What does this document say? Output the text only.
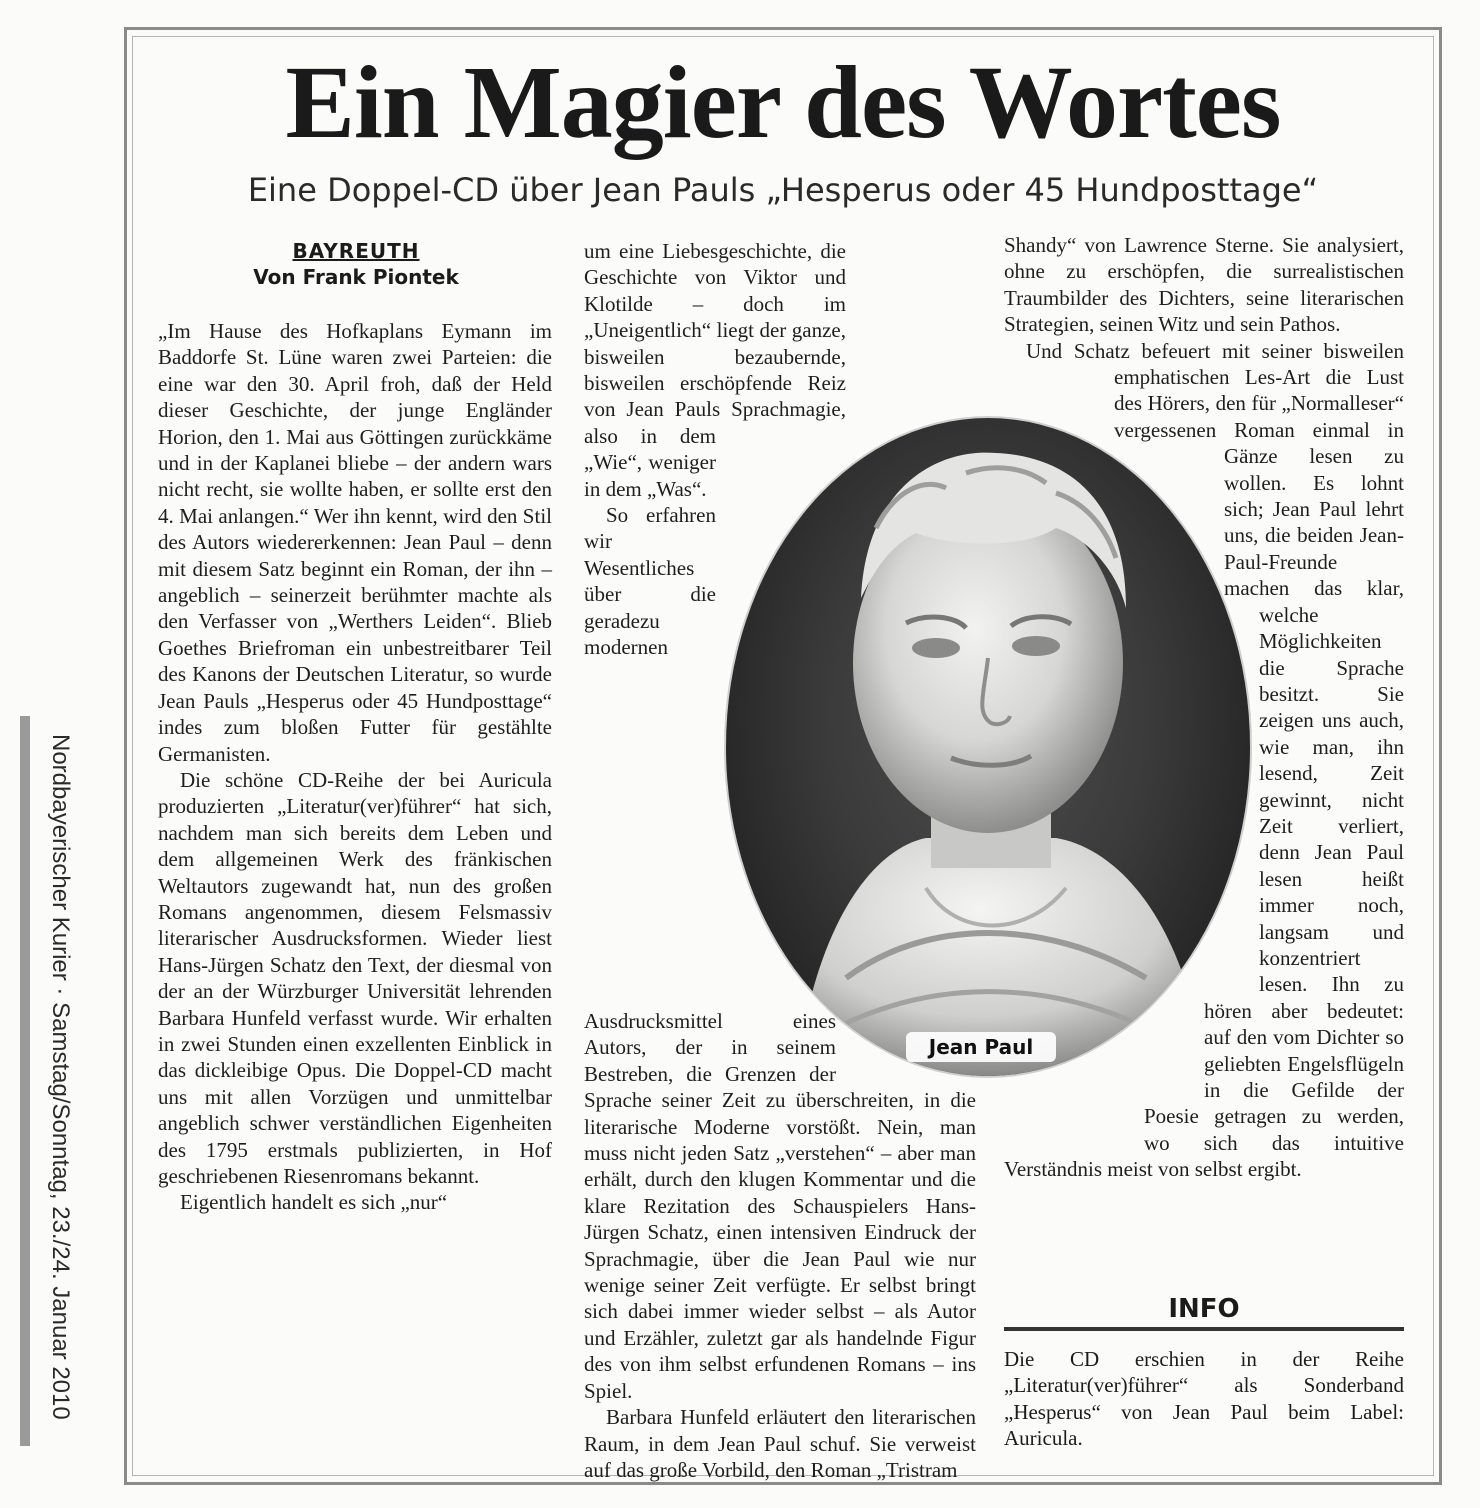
Nordbayerischer Kurier · Samstag/Sonntag, 23./24. Januar 2010
Ein Magier des Wortes
Eine Doppel-CD über Jean Pauls „Hesperus oder 45 Hundposttage“
BAYREUTH
Von Frank Piontek

„Im Hause des Hofkaplans Eymann im Baddorfe St. Lüne waren zwei Parteien: die eine war den 30. April froh, daß der Held dieser Geschichte, der junge Engländer Horion, den 1. Mai aus Göttingen zurückkäme und in der Kaplanei bliebe – der andern wars nicht recht, sie wollte haben, er sollte erst den 4. Mai anlangen.“ Wer ihn kennt, wird den Stil des Autors wiedererkennen: Jean Paul – denn mit diesem Satz beginnt ein Roman, der ihn – angeblich – seinerzeit berühmter machte als den Verfasser von „Werthers Leiden“. Blieb Goethes Briefroman ein unbestreitbarer Teil des Kanons der Deutschen Literatur, so wurde Jean Pauls „Hesperus oder 45 Hundposttage“ indes zum bloßen Futter für gestählte Germanisten.

Die schöne CD-Reihe der bei Auricula produzierten „Literatur(ver)führer“ hat sich, nachdem man sich bereits dem Leben und dem allgemeinen Werk des fränkischen Weltautors zugewandt hat, nun des großen Romans angenommen, diesem Felsmassiv literarischer Ausdrucksformen. Wieder liest Hans-Jürgen Schatz den Text, der diesmal von der an der Würzburger Universität lehrenden Barbara Hunfeld verfasst wurde. Wir erhalten in zwei Stunden einen exzellenten Einblick in das dickleibige Opus. Die Doppel-CD macht uns mit allen Vorzügen und unmittelbar angeblich schwer verständlichen Eigenheiten des 1795 erstmals publizierten, in Hof geschriebenen Riesenromans bekannt.

Eigentlich handelt es sich „nur“

um eine Liebesgeschichte, die Geschichte von Viktor und Klotilde – doch im „Uneigentlich“ liegt der ganze, bisweilen bezaubernde, bisweilen erschöpfende Reiz von Jean Pauls Sprachmagie, also in dem „Wie“, weniger in dem „Was“.

So erfahren wir Wesentliches über die geradezu modernen Ausdrucksmittel eines Autors, der in seinem Bestreben, die Grenzen der Sprache seiner Zeit zu überschreiten, in die literarische Moderne vorstößt. Nein, man muss nicht jeden Satz „verstehen“ – aber man erhält, durch den klugen Kommentar und die klare Rezitation des Schauspielers Hans-Jürgen Schatz, einen intensiven Eindruck der Sprachmagie, über die Jean Paul wie nur wenige seiner Zeit verfügte. Er selbst bringt sich dabei immer wieder selbst – als Autor und Erzähler, zuletzt gar als handelnde Figur des von ihm selbst erfundenen Romans – ins Spiel.

Barbara Hunfeld erläutert den literarischen Raum, in dem Jean Paul schuf. Sie verweist auf das große Vorbild, den Roman „Tristram

Shandy“ von Lawrence Sterne. Sie analysiert, ohne zu erschöpfen, die surrealistischen Traumbilder des Dichters, seine literarischen Strategien, seinen Witz und sein Pathos.

Und Schatz befeuert mit seiner bisweilen emphatischen Les-Art die Lust des Hörers, den für „Normalleser“ vergessenen Roman einmal in Gänze lesen zu wollen. Es lohnt sich; Jean Paul lehrt uns, die beiden Jean-Paul-Freunde machen das klar, welche Möglichkeiten die Sprache besitzt. Sie zeigen uns auch, wie man, ihn lesend, Zeit gewinnt, nicht Zeit verliert, denn Jean Paul lesen heißt immer noch, langsam und konzentriert lesen. Ihn zu hören aber bedeutet: auf den vom Dichter so geliebten Engelsflügeln in die Gefilde der Poesie getragen zu werden, wo sich das intuitive Verständnis meist von selbst ergibt.

Jean Paul
INFO
Die CD erschien in der Reihe „Literatur(ver)führer“ als Sonderband „Hesperus“ von Jean Paul beim Label: Auricula.
